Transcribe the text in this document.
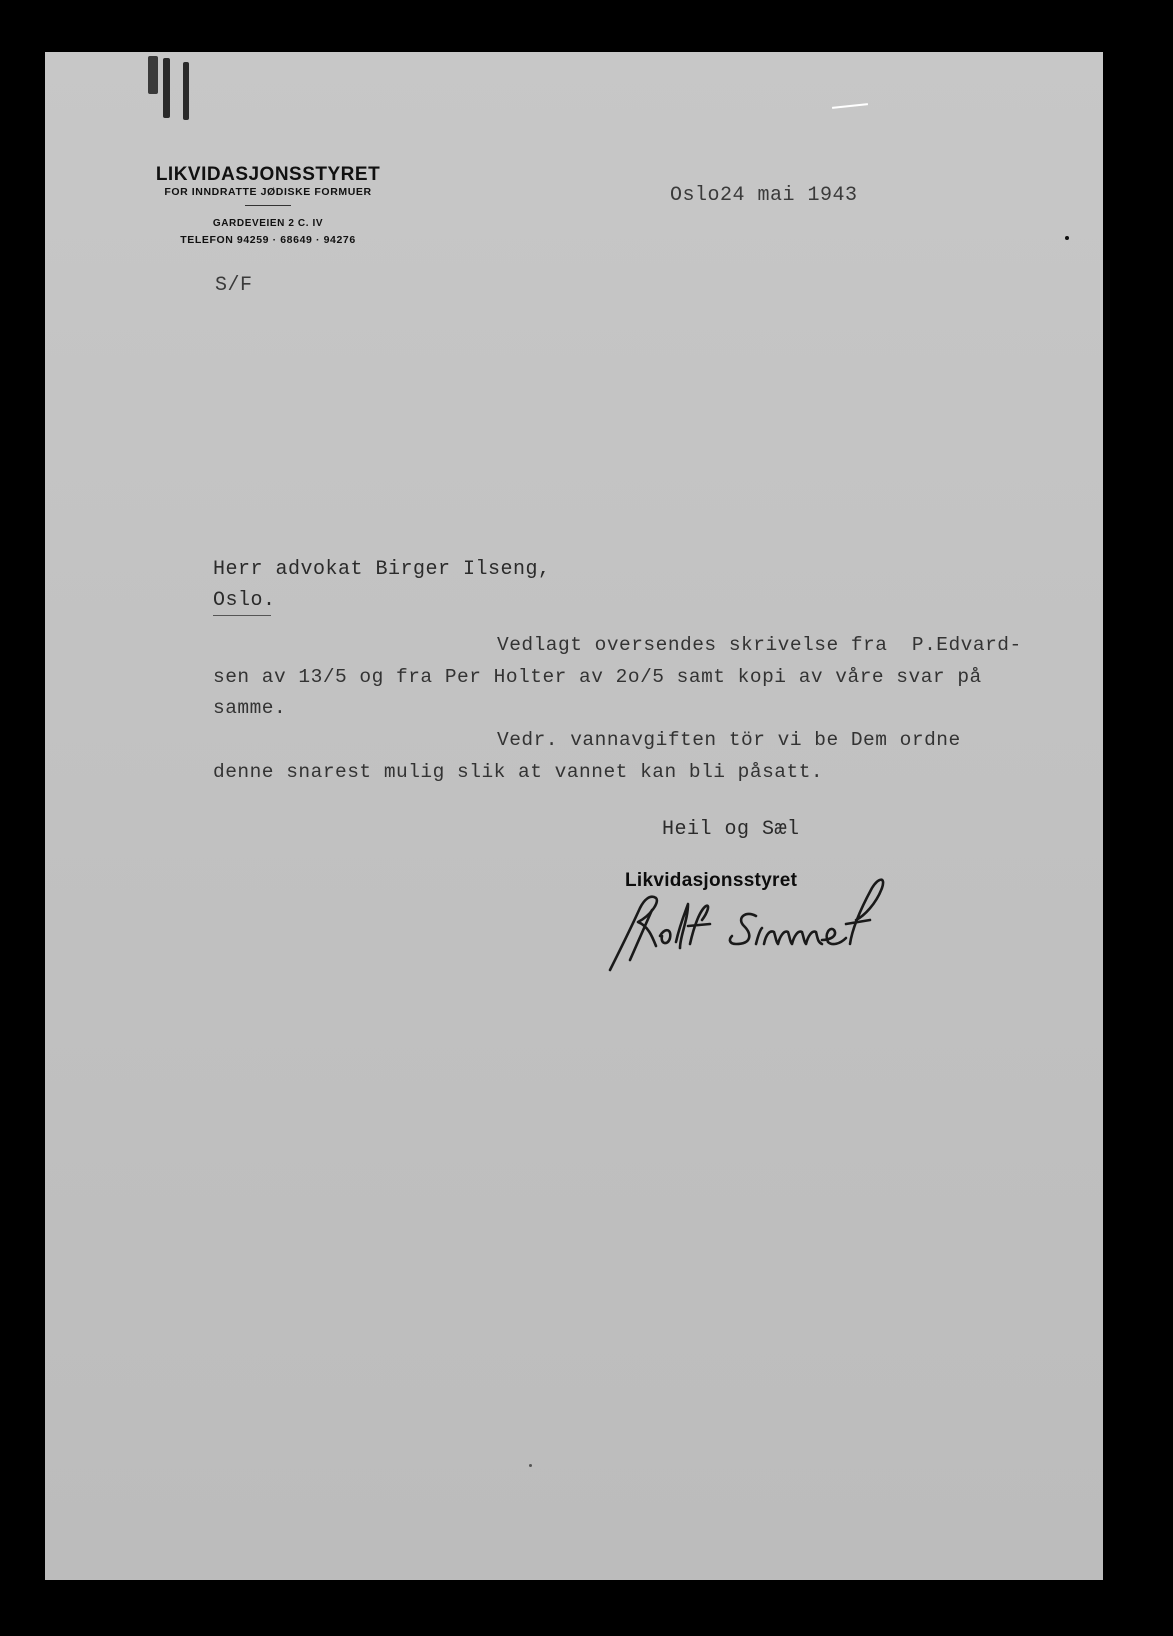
LIKVIDASJONSSTYRET
FOR INNDRATTE JØDISKE FORMUER
GARDEVEIEN 2 C. IV
TELEFON 94259 · 68649 · 94276
Oslo24 mai 1943
S/F
Herr advokat Birger Ilseng,
Oslo.
Vedlagt oversendes skrivelse fra  P.Edvard-
sen av 13/5 og fra Per Holter av 2o/5 samt kopi av våre svar på
samme.
Vedr. vannavgiften tör vi be Dem ordne
denne snarest mulig slik at vannet kan bli påsatt.
Heil og Sæl
Likvidasjonsstyret
